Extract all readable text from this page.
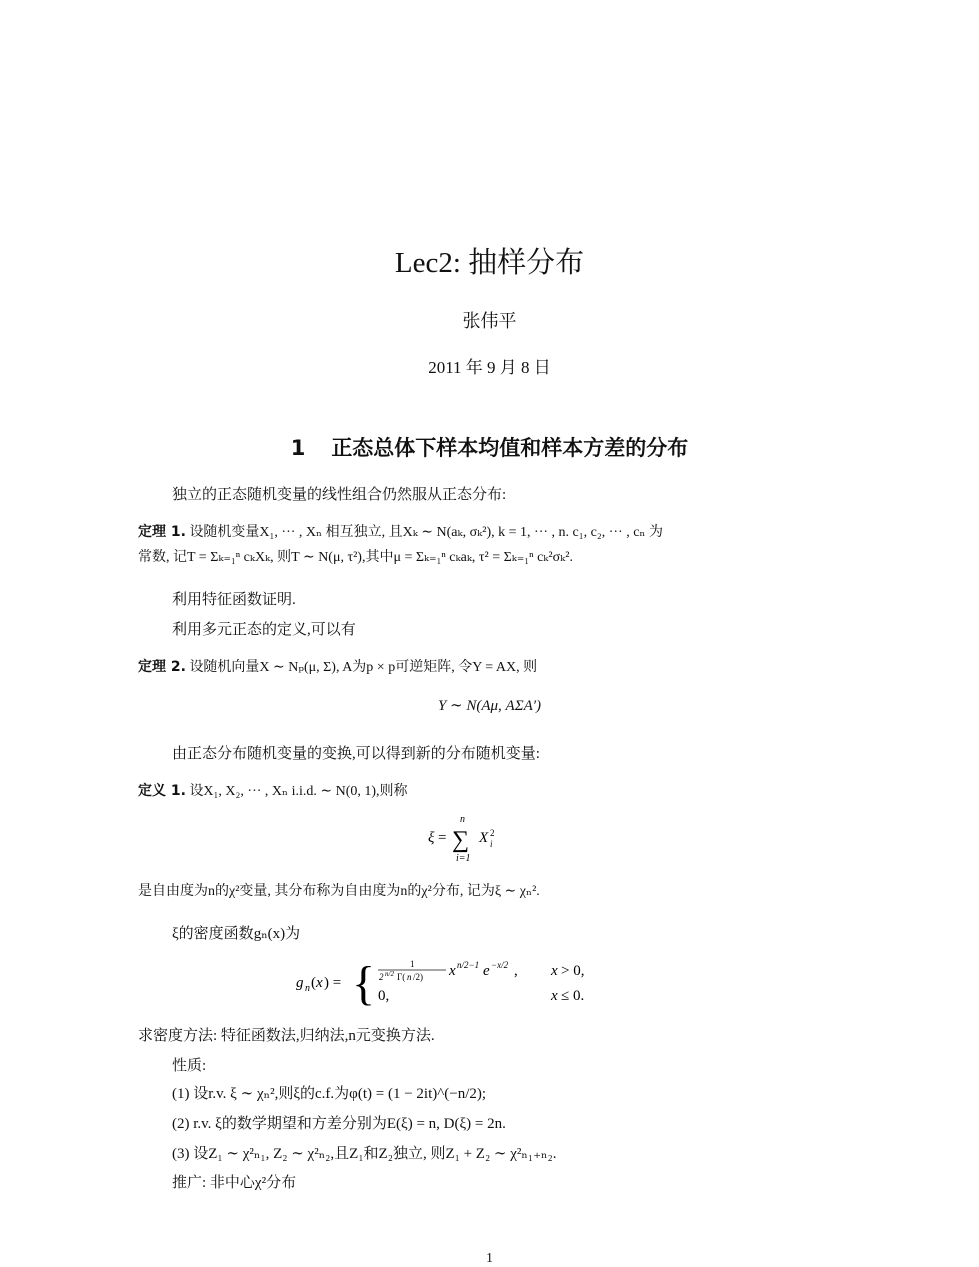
Lec2: 抽样分布
张伟平
2011 年 9 月 8 日
1 正态总体下样本均值和样本方差的分布
独立的正态随机变量的线性组合仍然服从正态分布:
定理 1. 设随机变量X₁, ··· , Xₙ 相互独立, 且Xₖ ∼ N(aₖ, σₖ²), k = 1, ··· , n. c₁, c₂, ··· , cₙ 为
常数, 记T = Σₖ₌₁ⁿ cₖXₖ, 则T ∼ N(μ, τ²),其中μ = Σₖ₌₁ⁿ cₖaₖ, τ² = Σₖ₌₁ⁿ cₖ²σₖ².
利用特征函数证明.
利用多元正态的定义,可以有
定理 2. 设随机向量X ∼ Nₚ(μ, Σ), A为p × p可逆矩阵, 令Y = AX, 则
Y ∼ N(Aμ, AΣA′)
由正态分布随机变量的变换,可以得到新的分布随机变量:
定义 1. 设X₁, X₂, ··· , Xₙ i.i.d. ∼ N(0, 1),则称
n
ξ = ∑ X 2
i
i=1
是自由度为n的χ²变量, 其分布称为自由度为n的χ²分布, 记为ξ ∼ χₙ².
ξ的密度函数gₙ(x)为
g n ( x ) = {	1
2 n/2 Γ( n /2) x n/2−1 e −x/2 , x > 0,
0,	x ≤ 0.
求密度方法: 特征函数法,归纳法,n元变换方法.
性质:
(1) 设r.v. ξ ∼ χₙ²,则ξ的c.f.为φ(t) = (1 − 2it)^(−n/2);
(2) r.v. ξ的数学期望和方差分别为E(ξ) = n, D(ξ) = 2n.
(3) 设Z₁ ∼ χ²ₙ₁, Z₂ ∼ χ²ₙ₂,且Z₁和Z₂独立, 则Z₁ + Z₂ ∼ χ²ₙ₁₊ₙ₂.
推广: 非中心χ²分布
1
